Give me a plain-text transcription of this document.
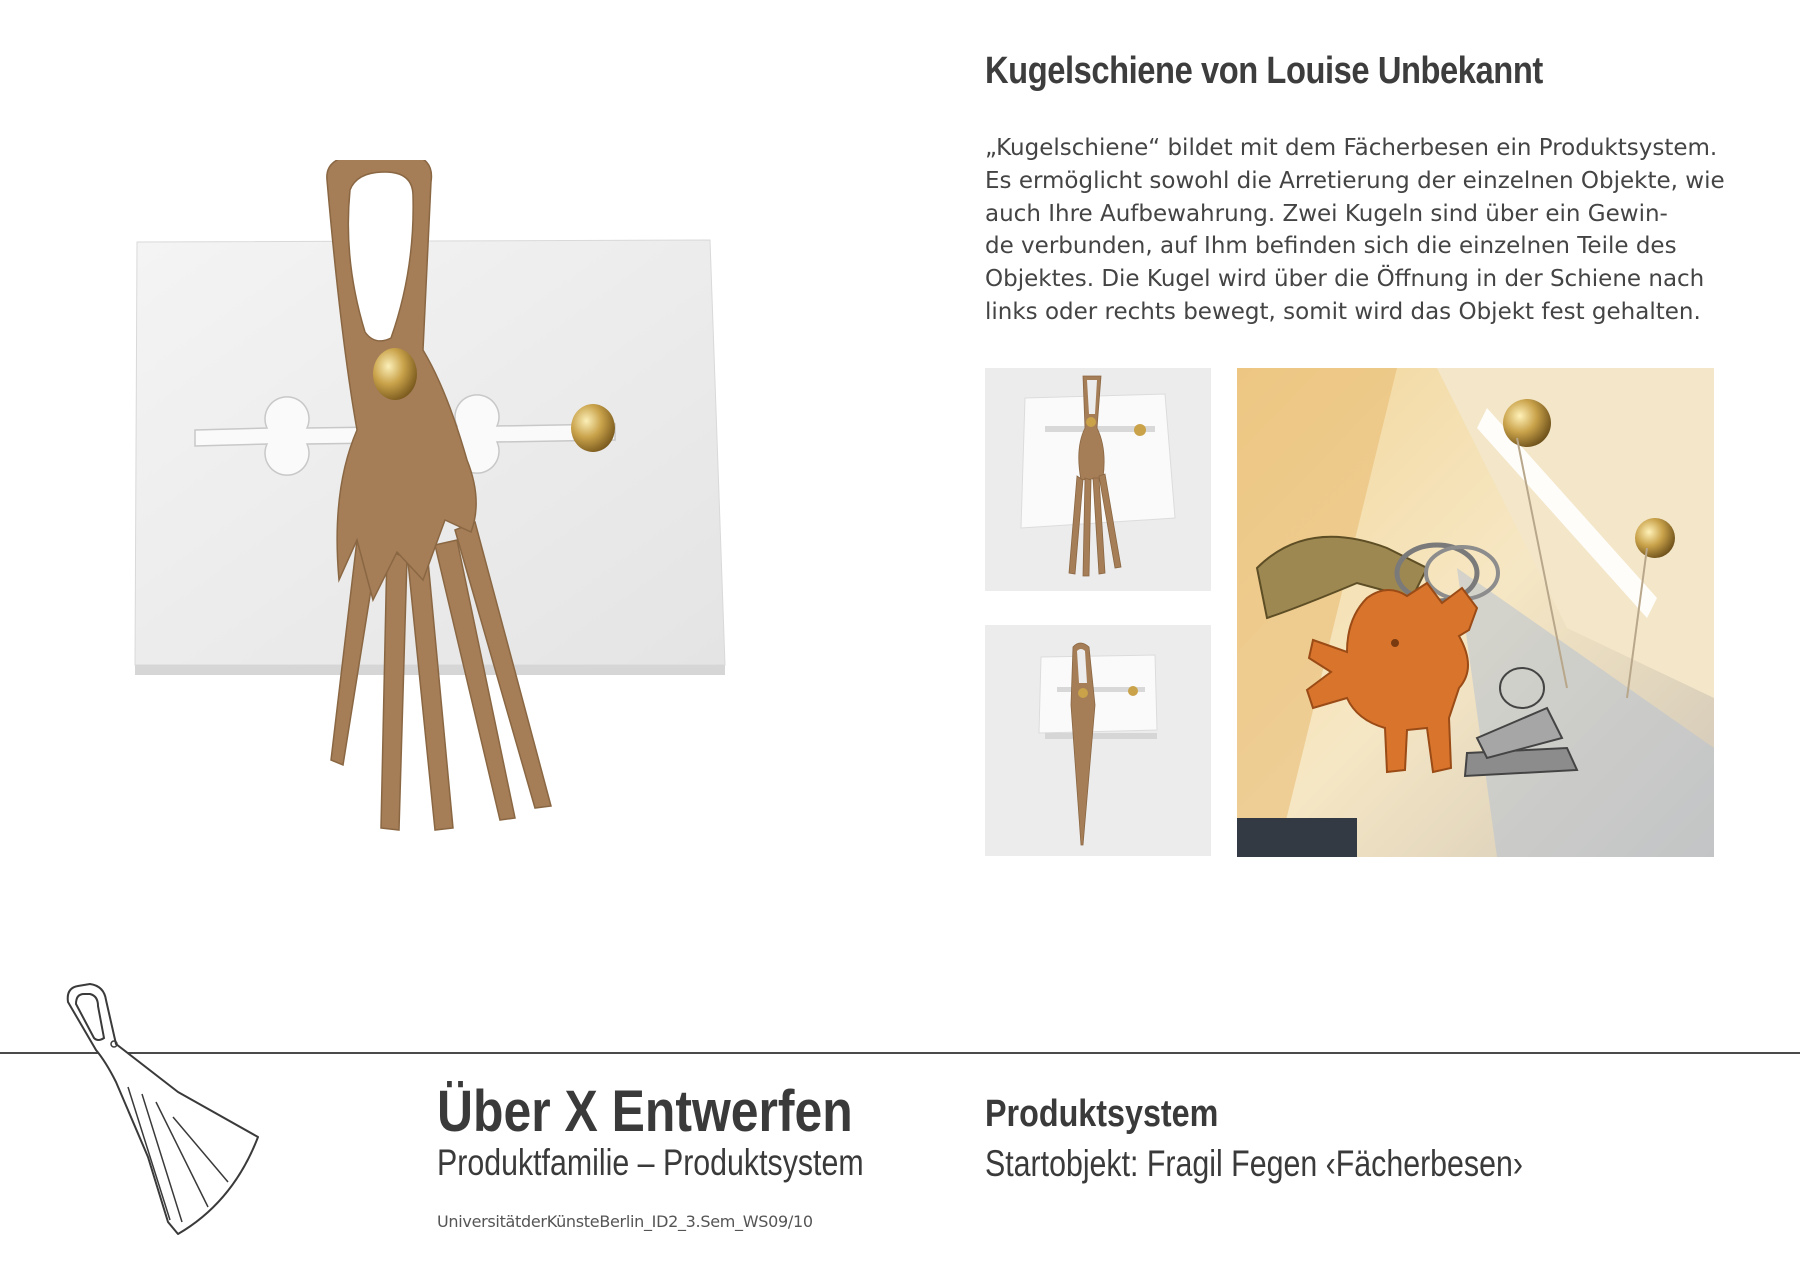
Kugelschiene von Louise Unbekannt
„Kugelschiene“ bildet mit dem Fächerbesen ein Produktsystem.
Es ermöglicht sowohl die Arretierung der einzelnen Objekte, wie
auch Ihre Aufbewahrung. Zwei Kugeln sind über ein Gewin-
de verbunden, auf Ihm befinden sich die einzelnen Teile des
Objektes. Die Kugel wird über die Öffnung in der Schiene nach
links oder rechts bewegt, somit wird das Objekt fest gehalten.
Über X Entwerfen
Produktfamilie – Produktsystem
UniversitätderKünsteBerlin_ID2_3.Sem_WS09/10
Produktsystem
Startobjekt: Fragil Fegen ‹Fächerbesen›
